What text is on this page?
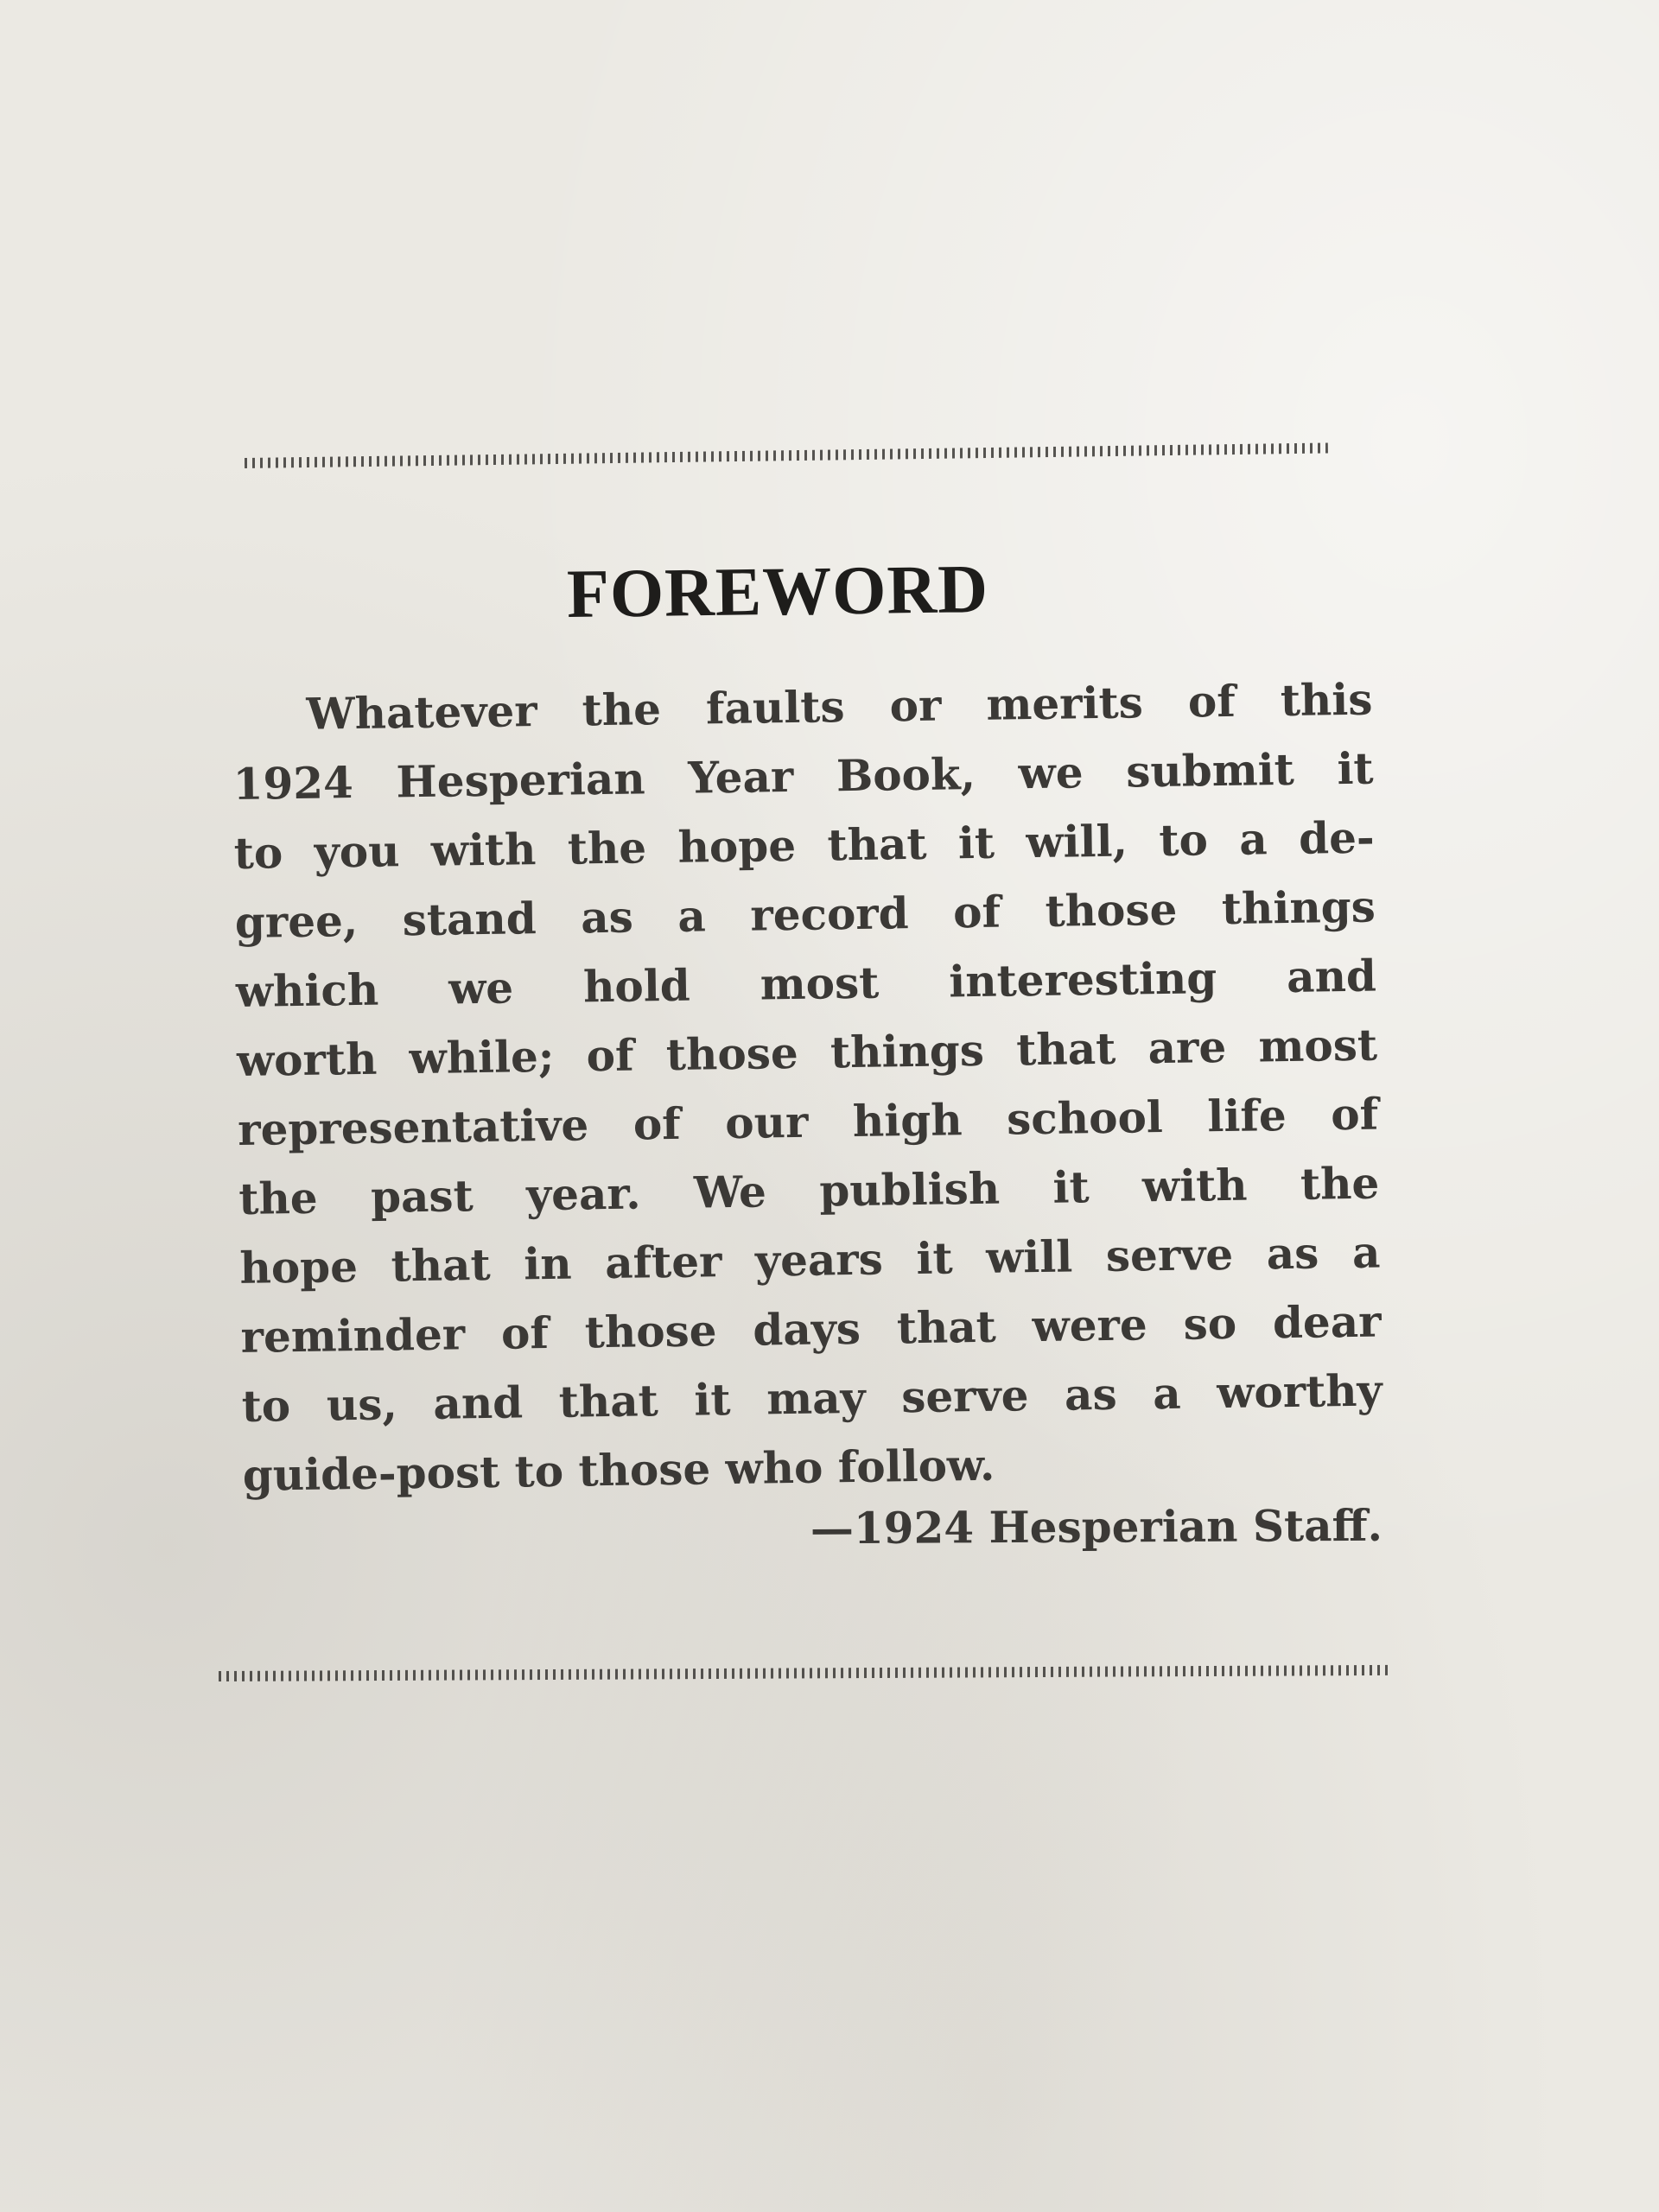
FOREWORD
Whatever the faults or merits of this
1924 Hesperian Year Book, we submit it
to you with the hope that it will, to a de-
gree, stand as a record of those things
which we hold most interesting and
worth while; of those things that are most
representative of our high school life of
the past year. We publish it with the
hope that in after years it will serve as a
reminder of those days that were so dear
to us, and that it may serve as a worthy
guide-post to those who follow.
—1924 Hesperian Staff.
